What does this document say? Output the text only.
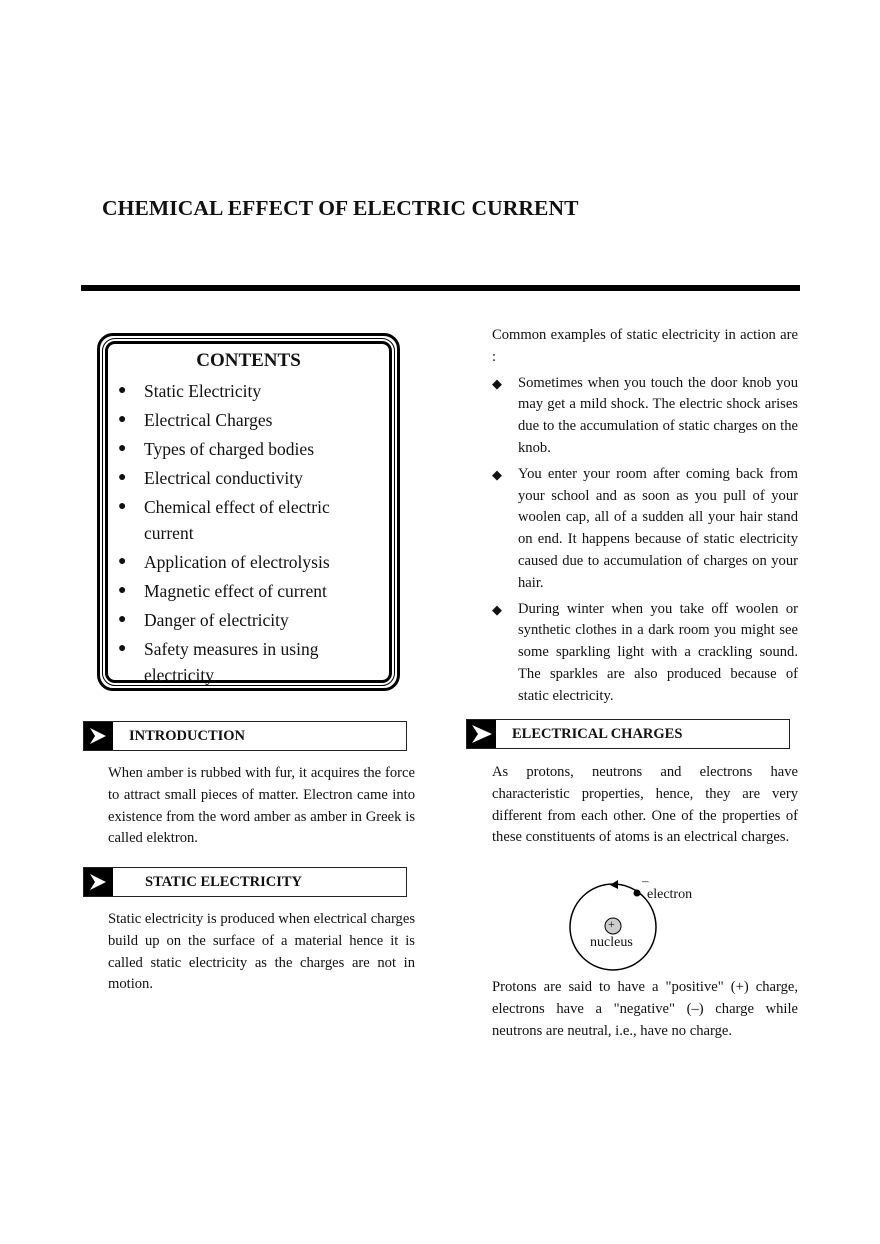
CHEMICAL EFFECT OF ELECTRIC CURRENT
CONTENTS
●	Static Electricity
●	Electrical Charges
●	Types of charged bodies
●	Electrical conductivity
●	Chemical effect of electric current
●	Application of electrolysis
●	Magnetic effect of current
●	Danger of electricity
●	Safety measures in using electricity
INTRODUCTION
When amber is rubbed with fur, it acquires the force to attract small pieces of matter. Electron came into existence from the word amber as amber in Greek is called elektron.
STATIC ELECTRICITY
Static electricity is produced when electrical charges build up on the surface of a material hence it is called static electricity as the charges are not in motion.
Common examples of static electricity in action are :
◆	Sometimes when you touch the door knob you may get a mild shock. The electric shock arises due to the accumulation of static charges on the knob.
◆	You enter your room after coming back from your school and as soon as you pull of your woolen cap, all of a sudden all your hair stand on end. It happens because of static electricity caused due to accumulation of charges on your hair.
◆	During winter when you take off woolen or synthetic clothes in a dark room you might see some sparkling light with a crackling sound. The sparkles are also produced because of static electricity.
ELECTRICAL CHARGES
As protons, neutrons and electrons have characteristic properties, hence, they are very different from each other. One of the properties of these constituents of atoms is an electrical charges.
+
–
electron
nucleus
Protons are said to have a "positive" (+) charge, electrons have a "negative" (–) charge while neutrons are neutral, i.e., have no charge.
